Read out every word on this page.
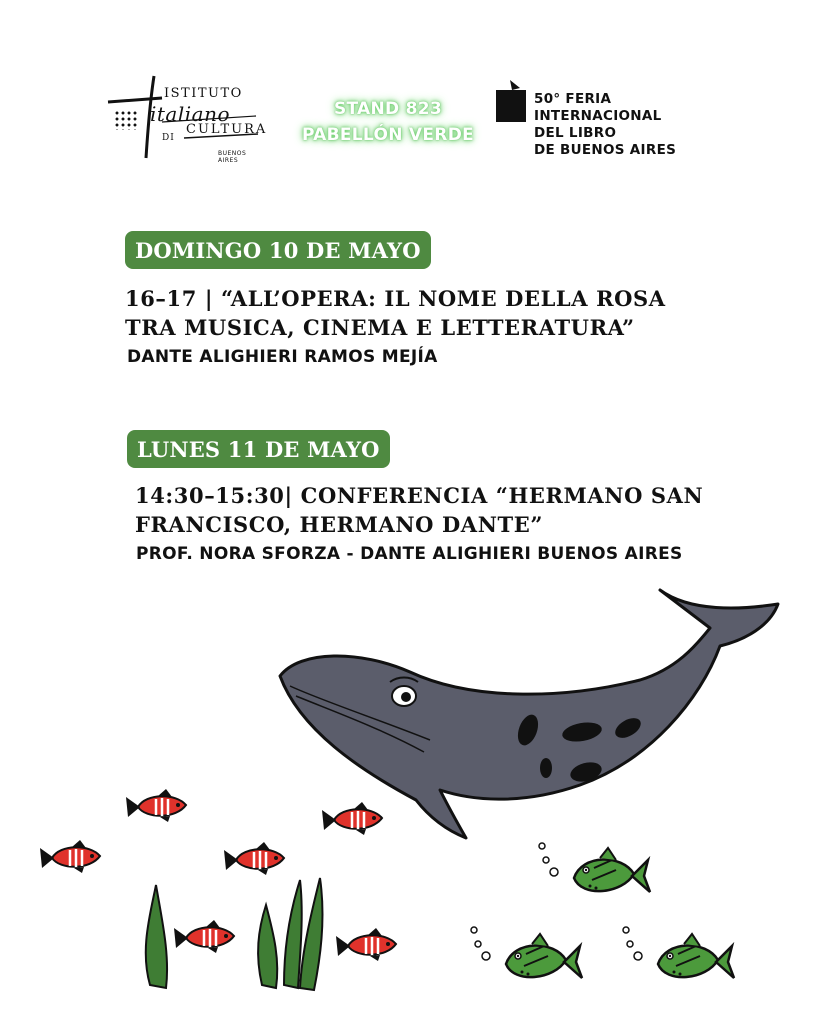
ISTITUTO
italiano
DI
CULTURA
BUENOS AIRES
STAND 823
PABELLÓN VERDE
50° FERIA
INTERNACIONAL
DEL LIBRO
DE BUENOS AIRES
DOMINGO 10 DE MAYO
16–17 | “ALL’OPERA: IL NOME DELLA ROSA
TRA MUSICA, CINEMA E LETTERATURA”
DANTE ALIGHIERI RAMOS MEJÍA
LUNES 11 DE MAYO
14:30–15:30| CONFERENCIA “HERMANO SAN
FRANCISCO, HERMANO DANTE”
PROF. NORA SFORZA - DANTE ALIGHIERI BUENOS AIRES
